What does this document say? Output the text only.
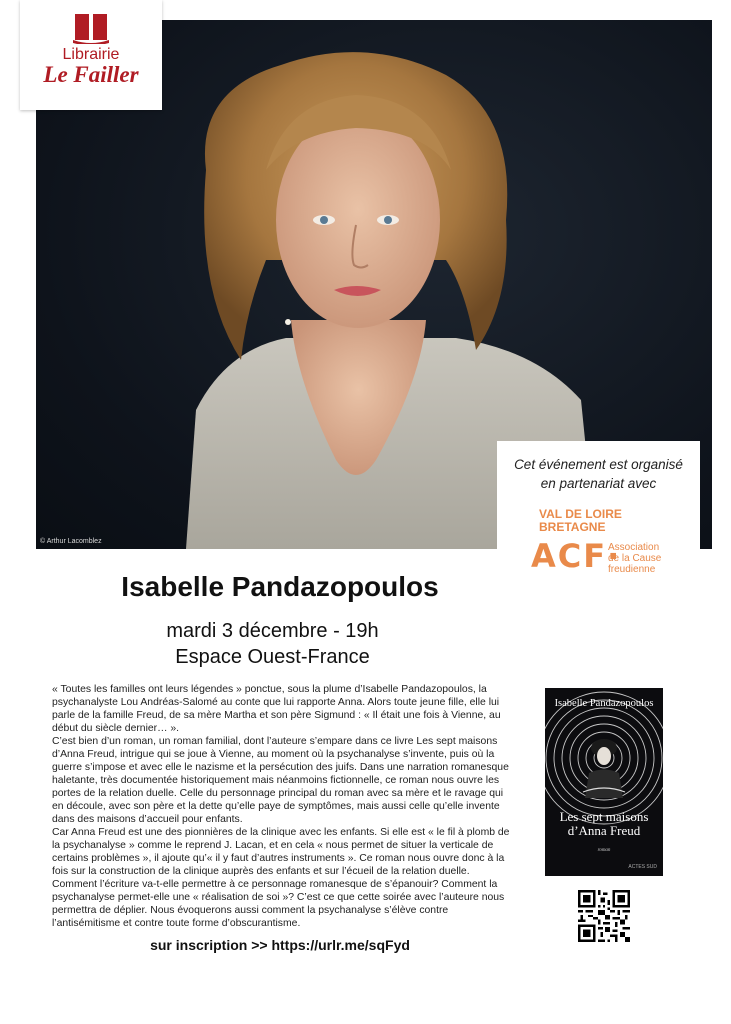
© Arthur Lacomblez
Librairie
Le Failler
Cet événement est organisé
en partenariat avec
VAL DE LOIRE
BRETAGNE
ACF·
Association
de la Cause
freudienne
Isabelle Pandazopoulos
mardi 3 décembre - 19h
Espace Ouest-France

« Toutes les familles ont leurs légendes » ponctue, sous la plume d’Isabelle Pandazopoulos, la psychanalyste Lou Andréas-Salomé au conte que lui rapporte Anna. Alors toute jeune fille, elle lui parle de la famille Freud, de sa mère Martha et son père Sigmund : « Il était une fois à Vienne, au début du siècle dernier… ».

C’est bien d’un roman, un roman familial, dont l’auteure s’empare dans ce livre Les sept maisons d’Anna Freud, intrigue qui se joue à Vienne, au moment où la psychanalyse s’invente, puis où la guerre s’impose et avec elle le nazisme et la persécution des juifs. Dans une narration romanesque haletante, très documentée historiquement mais néanmoins fictionnelle, ce roman nous ouvre les portes de la relation duelle. Celle du personnage principal du roman avec sa mère et le ravage qui en découle, avec son père et la dette qu’elle paye de symptômes, mais aussi celle qu’elle invente dans des maisons d’accueil pour enfants.

Car Anna Freud est une des pionnières de la clinique avec les enfants. Si elle est « le fil à plomb de la psychanalyse » comme le reprend J. Lacan, et en cela « nous permet de situer la verticale de certains problèmes », il ajoute qu’« il y faut d’autres instruments ». Ce roman nous ouvre donc à la fois sur la construction de la clinique auprès des enfants et sur l’écueil de la relation duelle.

Comment l’écriture va-t-elle permettre à ce personnage romanesque de s’épanouir? Comment la psychanalyse permet-elle une « réalisation de soi »? C’est ce que cette soirée avec l’auteure nous permettra de déplier. Nous évoquerons aussi comment la psychanalyse s’élève contre l’antisémitisme et contre toute forme d’obscurantisme.

Isabelle Pandazopoulos
Les sept maisons
d’Anna Freud
roman
ACTES SUD
sur inscription >> https://urlr.me/sqFyd
